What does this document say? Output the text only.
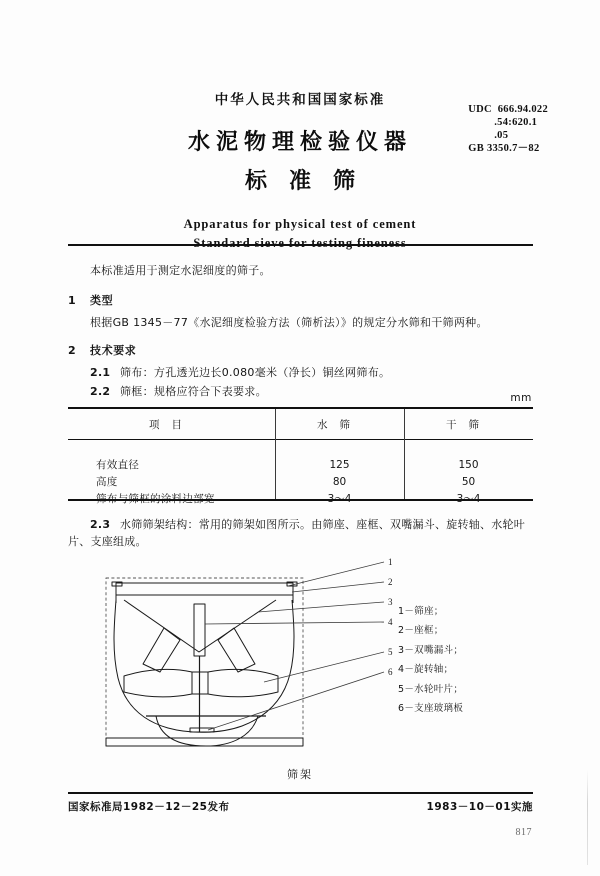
中华人民共和国国家标准
水泥物理检验仪器
标准筛
Apparatus for physical test of cement
UDC  666.94.022
.54:620.1
.05
GB 3350.7－82
本标准适用于测定水泥细度的筛子。
1 类型
根据GB 1345－77《水泥细度检验方法（筛析法）》的规定分水筛和干筛两种。
2 技术要求
2.1 筛布：方孔透光边长0.080毫米（净长）铜丝网筛布。
2.2 筛框：规格应符合下表要求。	mm
项目	水筛	干筛

有效直径	125	150
高度	80	50
筛布与筛框的涂料边部宽	3～4	3～4
2.3 水筛筛架结构：常用的筛架如图所示。由筛座、座框、双嘴漏斗、旋转轴、水轮叶片、支座组成。
1
2
3
4
5
6
1－筛座；
2－座框；
3－双嘴漏斗；
4－旋转轴；
5－水轮叶片；
6－支座玻璃板
筛架
国家标准局1982－12－25发布	1983－10－01实施
817
